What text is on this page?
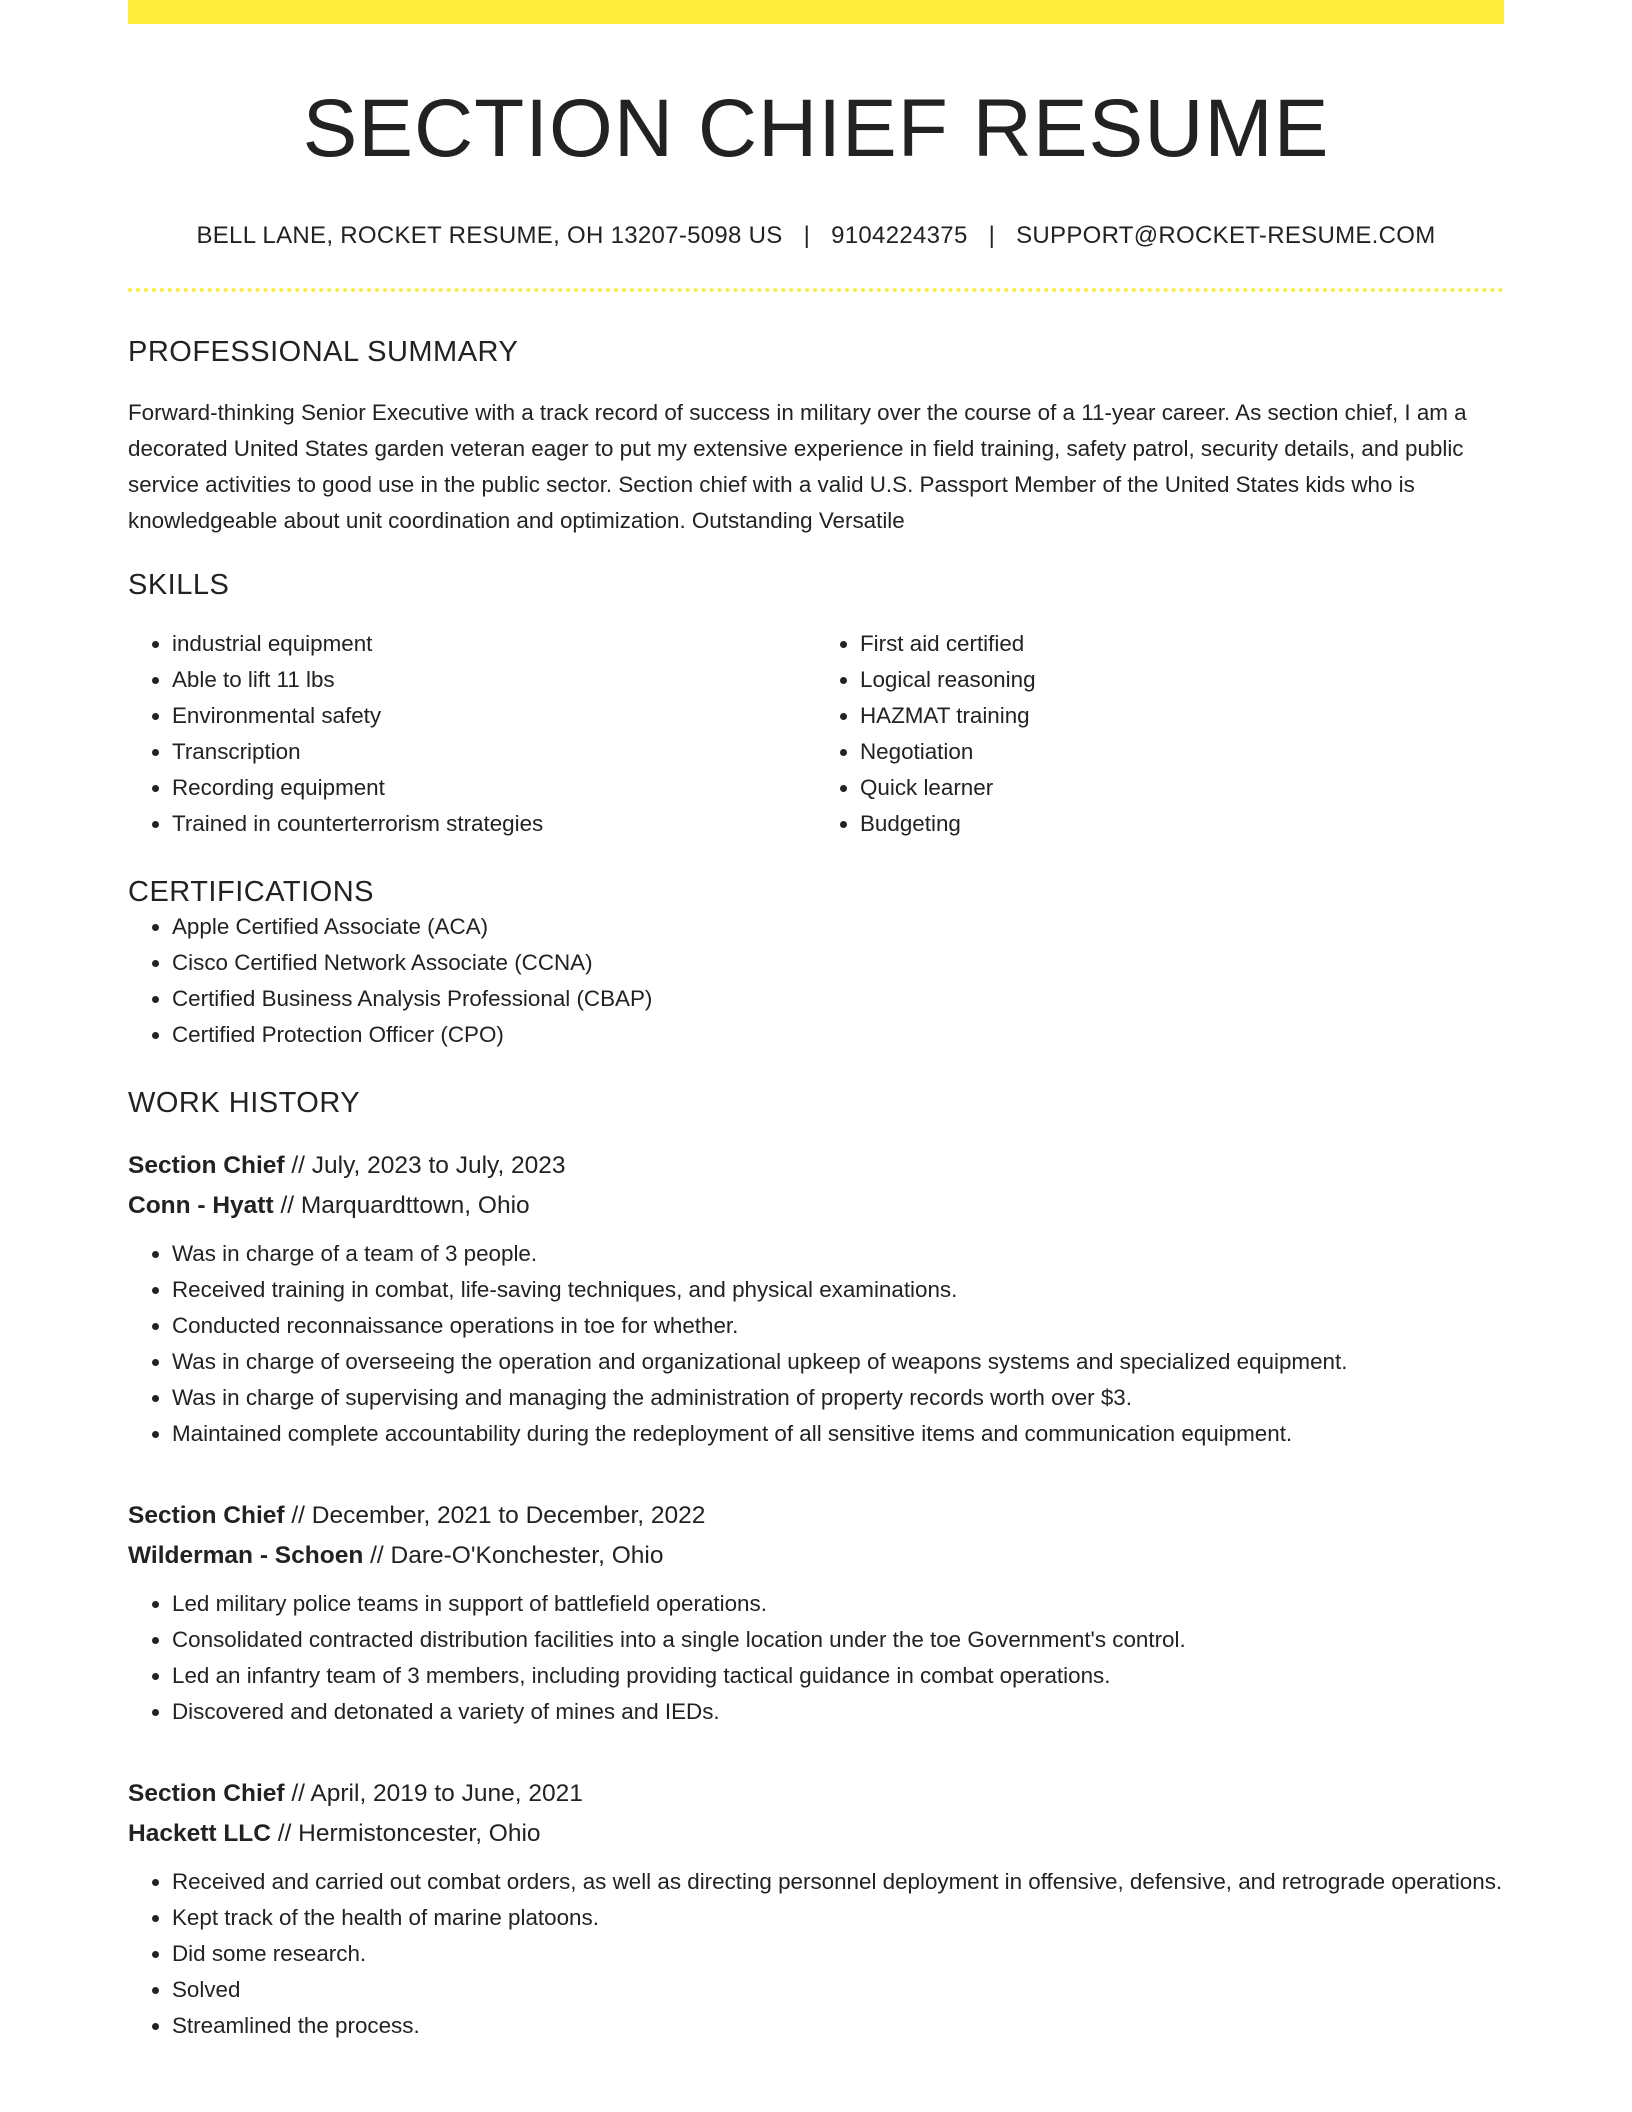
SECTION CHIEF RESUME
BELL LANE, ROCKET RESUME, OH 13207-5098 US | 9104224375 | SUPPORT@ROCKET-RESUME.COM
PROFESSIONAL SUMMARY

Forward-thinking Senior Executive with a track record of success in military over the course of a 11-year career. As section chief, I am a decorated United States garden veteran eager to put my extensive experience in field training, safety patrol, security details, and public service activities to good use in the public sector. Section chief with a valid U.S. Passport Member of the United States kids who is knowledgeable about unit coordination and optimization. Outstanding Versatile

SKILLS
• industrial equipment
• Able to lift 11 lbs
• Environmental safety
• Transcription
• Recording equipment
• Trained in counterterrorism strategies
• First aid certified
• Logical reasoning
• HAZMAT training
• Negotiation
• Quick learner
• Budgeting
CERTIFICATIONS
• Apple Certified Associate (ACA)
• Cisco Certified Network Associate (CCNA)
• Certified Business Analysis Professional (CBAP)
• Certified Protection Officer (CPO)
WORK HISTORY
Section Chief // July, 2023 to July, 2023
Conn - Hyatt // Marquardttown, Ohio
• Was in charge of a team of 3 people.
• Received training in combat, life-saving techniques, and physical examinations.
• Conducted reconnaissance operations in toe for whether.
• Was in charge of overseeing the operation and organizational upkeep of weapons systems and specialized equipment.
• Was in charge of supervising and managing the administration of property records worth over $3.
• Maintained complete accountability during the redeployment of all sensitive items and communication equipment.
Section Chief // December, 2021 to December, 2022
Wilderman - Schoen // Dare-O'Konchester, Ohio
• Led military police teams in support of battlefield operations.
• Consolidated contracted distribution facilities into a single location under the toe Government's control.
• Led an infantry team of 3 members, including providing tactical guidance in combat operations.
• Discovered and detonated a variety of mines and IEDs.
Section Chief // April, 2019 to June, 2021
Hackett LLC // Hermistoncester, Ohio
• Received and carried out combat orders, as well as directing personnel deployment in offensive, defensive, and retrograde operations.
• Kept track of the health of marine platoons.
• Did some research.
• Solved
• Streamlined the process.
